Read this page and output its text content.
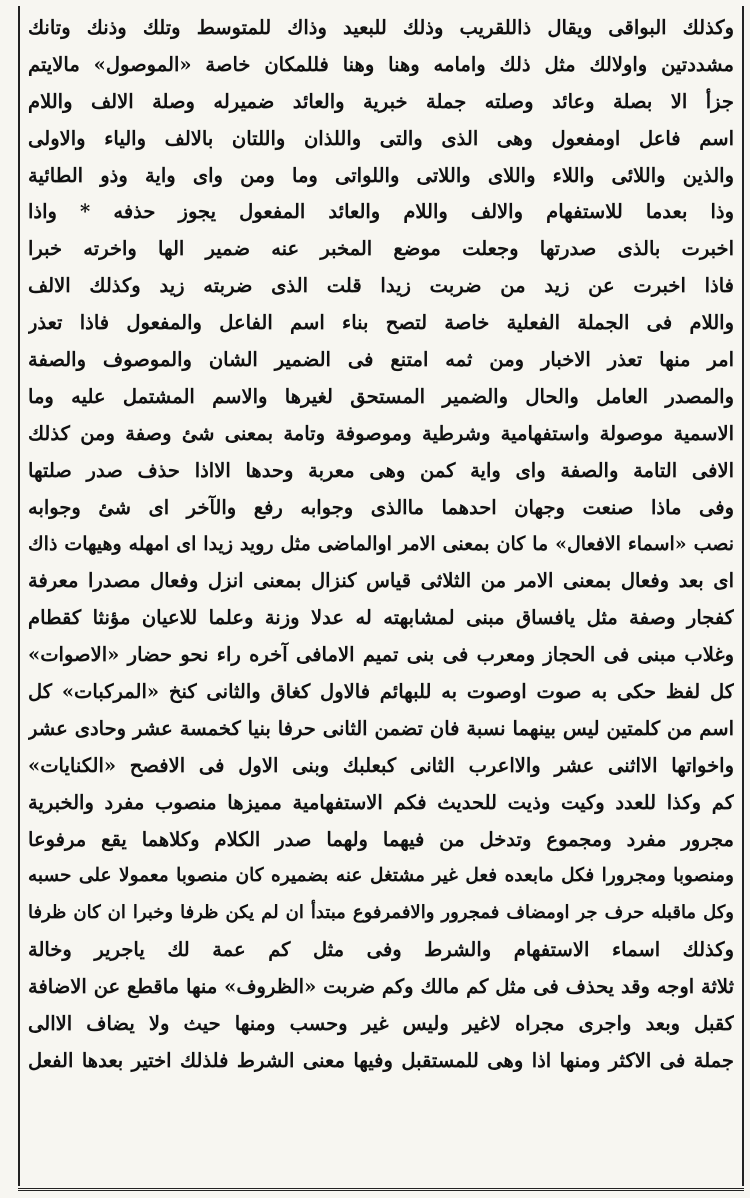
وكذلك البواقى ويقال ذاللقريب وذلك للبعيد وذاك للمتوسط وتلك وذنك وتانك
مشددتين واولالك مثل ذلك وامامه وهنا وهنا فللمكان خاصة «الموصول» مالايتم
جزأ الا بصلة وعائد وصلته جملة خبرية والعائد ضميرله وصلة الالف واللام
اسم فاعل اومفعول وهى الذى والتى واللذان واللتان بالالف والياء والاولى
والذين واللائى واللاء واللاى واللاتى واللواتى وما ومن واى واية وذو الطائية
وذا بعدما للاستفهام والالف واللام والعائد المفعول يجوز حذفه * واذا
اخبرت بالذى صدرتها وجعلت موضع المخبر عنه ضمير الها واخرته خبرا
فاذا اخبرت عن زيد من ضربت زيدا قلت الذى ضربته زيد وكذلك الالف
واللام فى الجملة الفعلية خاصة لتصح بناء اسم الفاعل والمفعول فاذا تعذر
امر منها تعذر الاخبار ومن ثمه امتنع فى الضمير الشان والموصوف والصفة
والمصدر العامل والحال والضمير المستحق لغيرها والاسم المشتمل عليه وما
الاسمية موصولة واستفهامية وشرطية وموصوفة وتامة بمعنى شئ وصفة ومن كذلك
الافى التامة والصفة واى واية كمن وهى معربة وحدها الااذا حذف صدر صلتها
وفى ماذا صنعت وجهان احدهما ماالذى وجوابه رفع والآخر اى شئ وجوابه
نصب «اسماء الافعال» ما كان بمعنى الامر اوالماضى مثل رويد زيدا اى امهله وهيهات ذاك
اى بعد وفعال بمعنى الامر من الثلاثى قياس كنزال بمعنى انزل وفعال مصدرا معرفة
كفجار وصفة مثل يافساق مبنى لمشابهته له عدلا وزنة وعلما للاعيان مؤنثا كقطام
وغلاب مبنى فى الحجاز ومعرب فى بنى تميم الامافى آخره راء نحو حضار «الاصوات»
كل لفظ حكى به صوت اوصوت به للبهائم فالاول كغاق والثانى كنخ «المركبات» كل
اسم من كلمتين ليس بينهما نسبة فان تضمن الثانى حرفا بنيا كخمسة عشر وحادى عشر
واخواتها الااثنى عشر والااعرب الثانى كبعلبك وبنى الاول فى الافصح «الكنايات»
كم وكذا للعدد وكيت وذيت للحديث فكم الاستفهامية مميزها منصوب مفرد والخبرية
مجرور مفرد ومجموع وتدخل من فيهما ولهما صدر الكلام وكلاهما يقع مرفوعا
ومنصوبا ومجرورا فكل مابعده فعل غير مشتغل عنه بضميره كان منصوبا معمولا على حسبه
وكل ماقبله حرف جر اومضاف فمجرور والافمرفوع مبتدأ ان لم يكن ظرفا وخبرا ان كان ظرفا
وكذلك اسماء الاستفهام والشرط وفى مثل كم عمة لك ياجرير وخالة
ثلاثة اوجه وقد يحذف فى مثل كم مالك وكم ضربت «الظروف» منها ماقطع عن الاضافة
كقبل وبعد واجرى مجراه لاغير وليس غير وحسب ومنها حيث ولا يضاف الاالى
جملة فى الاكثر ومنها اذا وهى للمستقبل وفيها معنى الشرط فلذلك اختير بعدها الفعل
